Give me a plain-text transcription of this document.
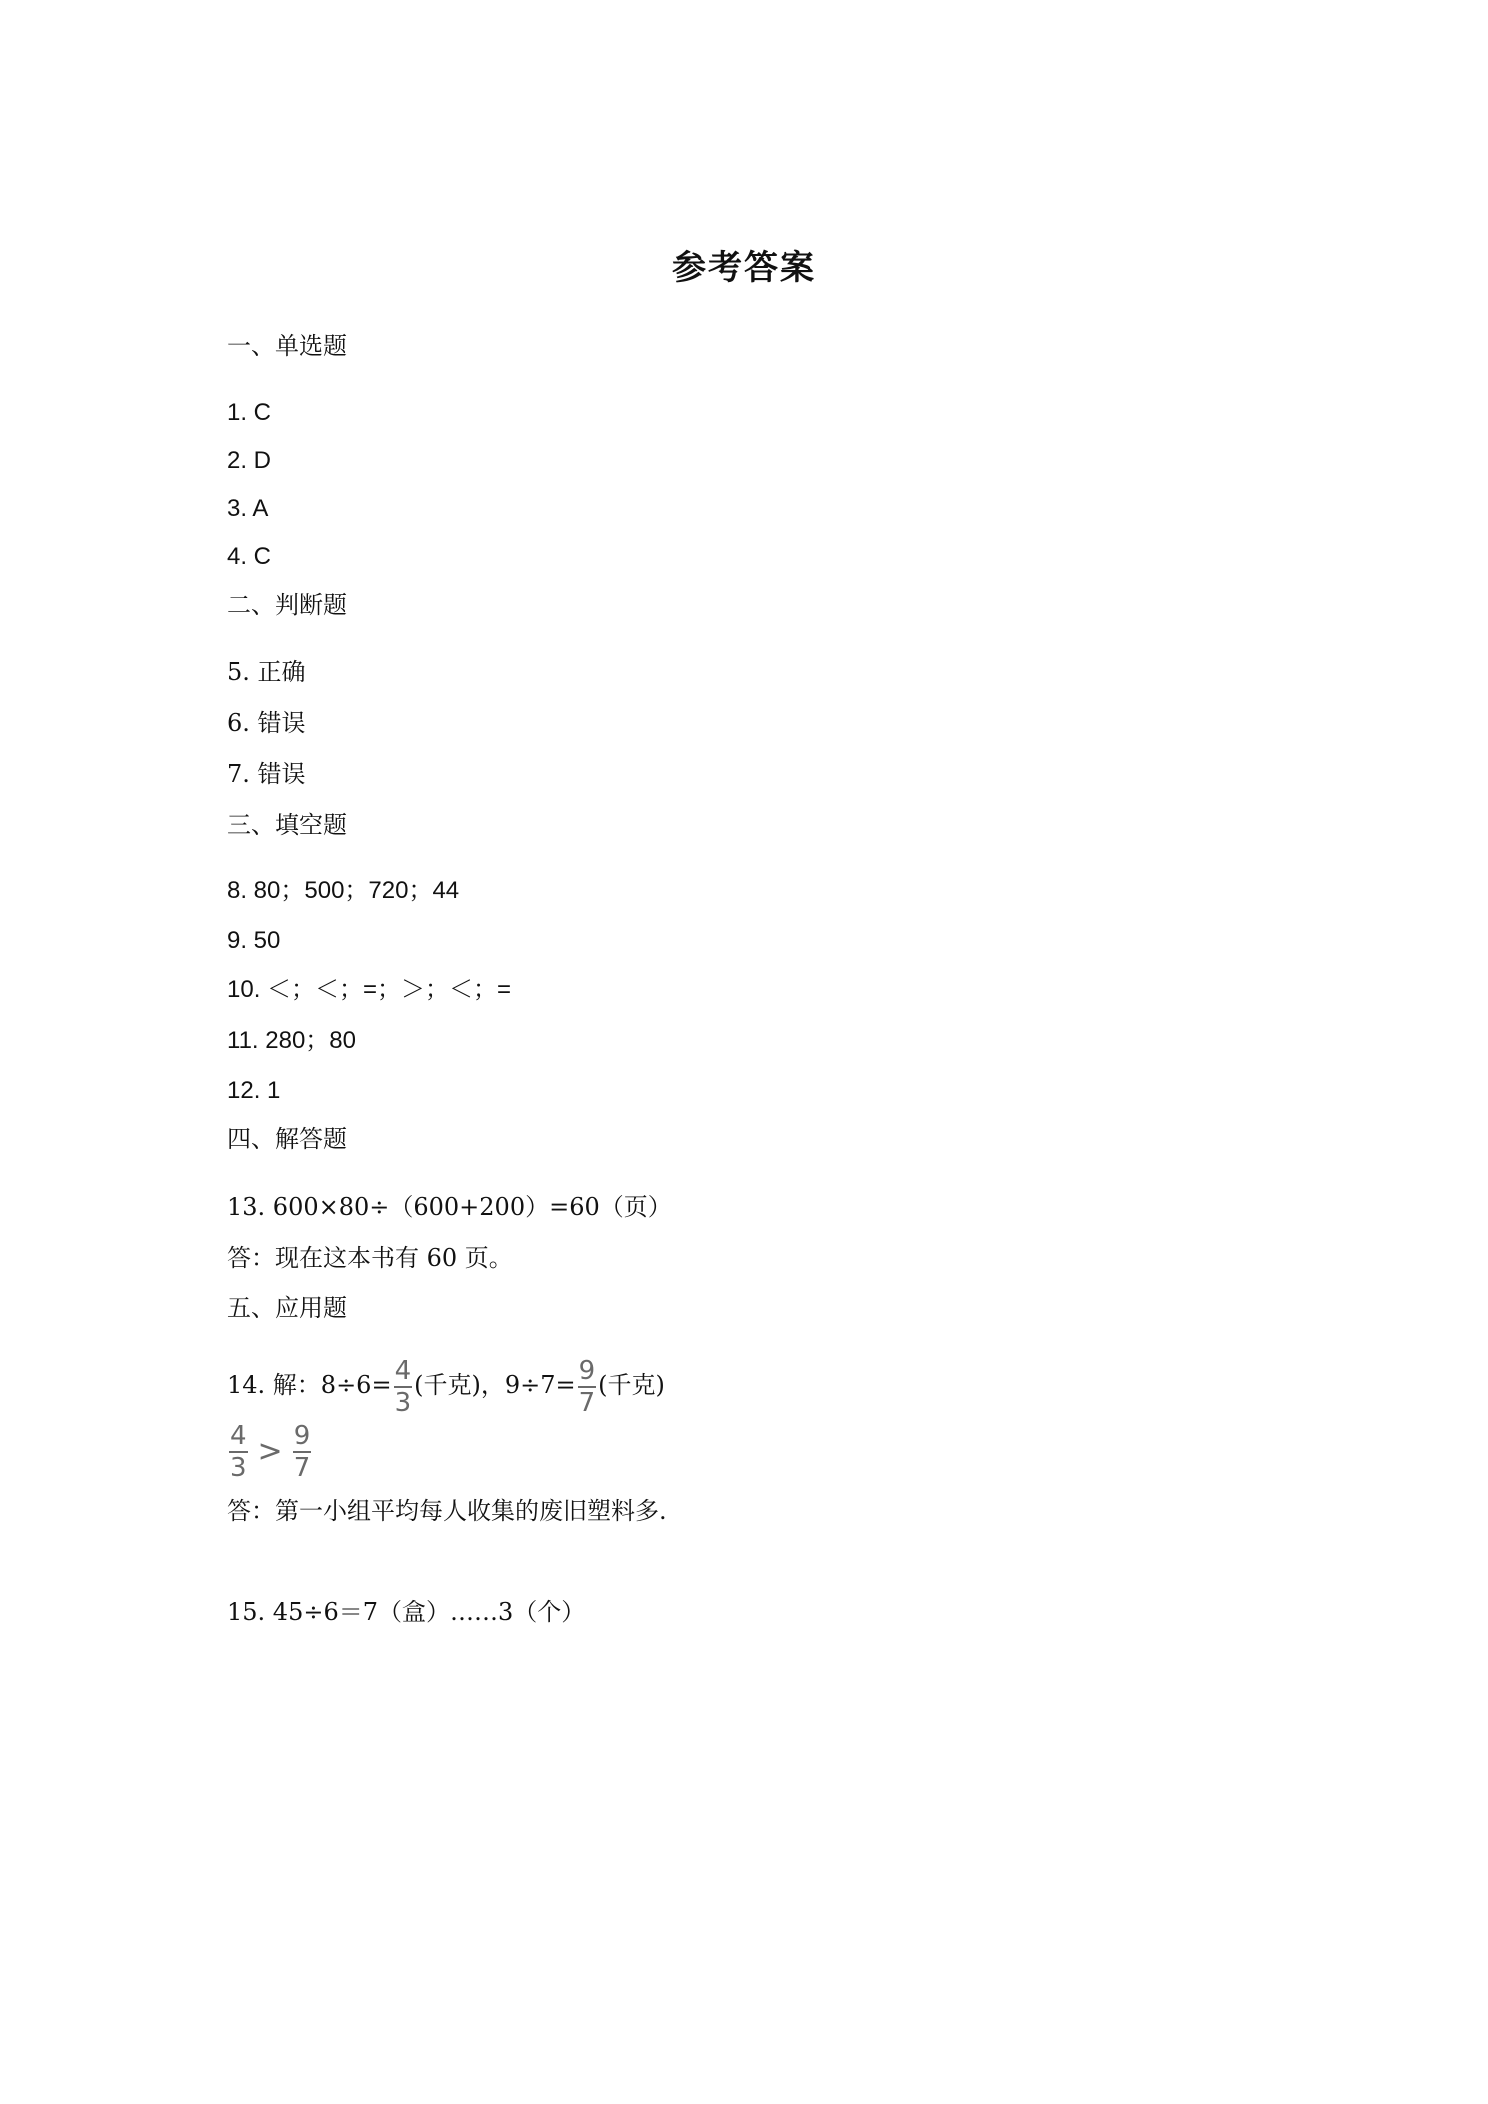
参考答案
一、单选题
1. C
2. D
3. A
4. C
二、判断题
5. 正确
6. 错误
7. 错误
三、填空题
8. 80；500；720；44
9. 50
10. ＜；＜；=；＞；＜；=
11. 280；80
12. 1
四、解答题
13. 600×80÷（600+200）=60（页）
答：现在这本书有 60 页。
五、应用题
14. 解：$8\div 6= \frac{4}{3}$ (千克)，$9\div 7= \frac{9}{7}$ (千克)
$\frac{4}{3} > \frac{9}{7}$
答：第一小组平均每人收集的废旧塑料多.
15. 45÷6＝7（盒）……3（个）
